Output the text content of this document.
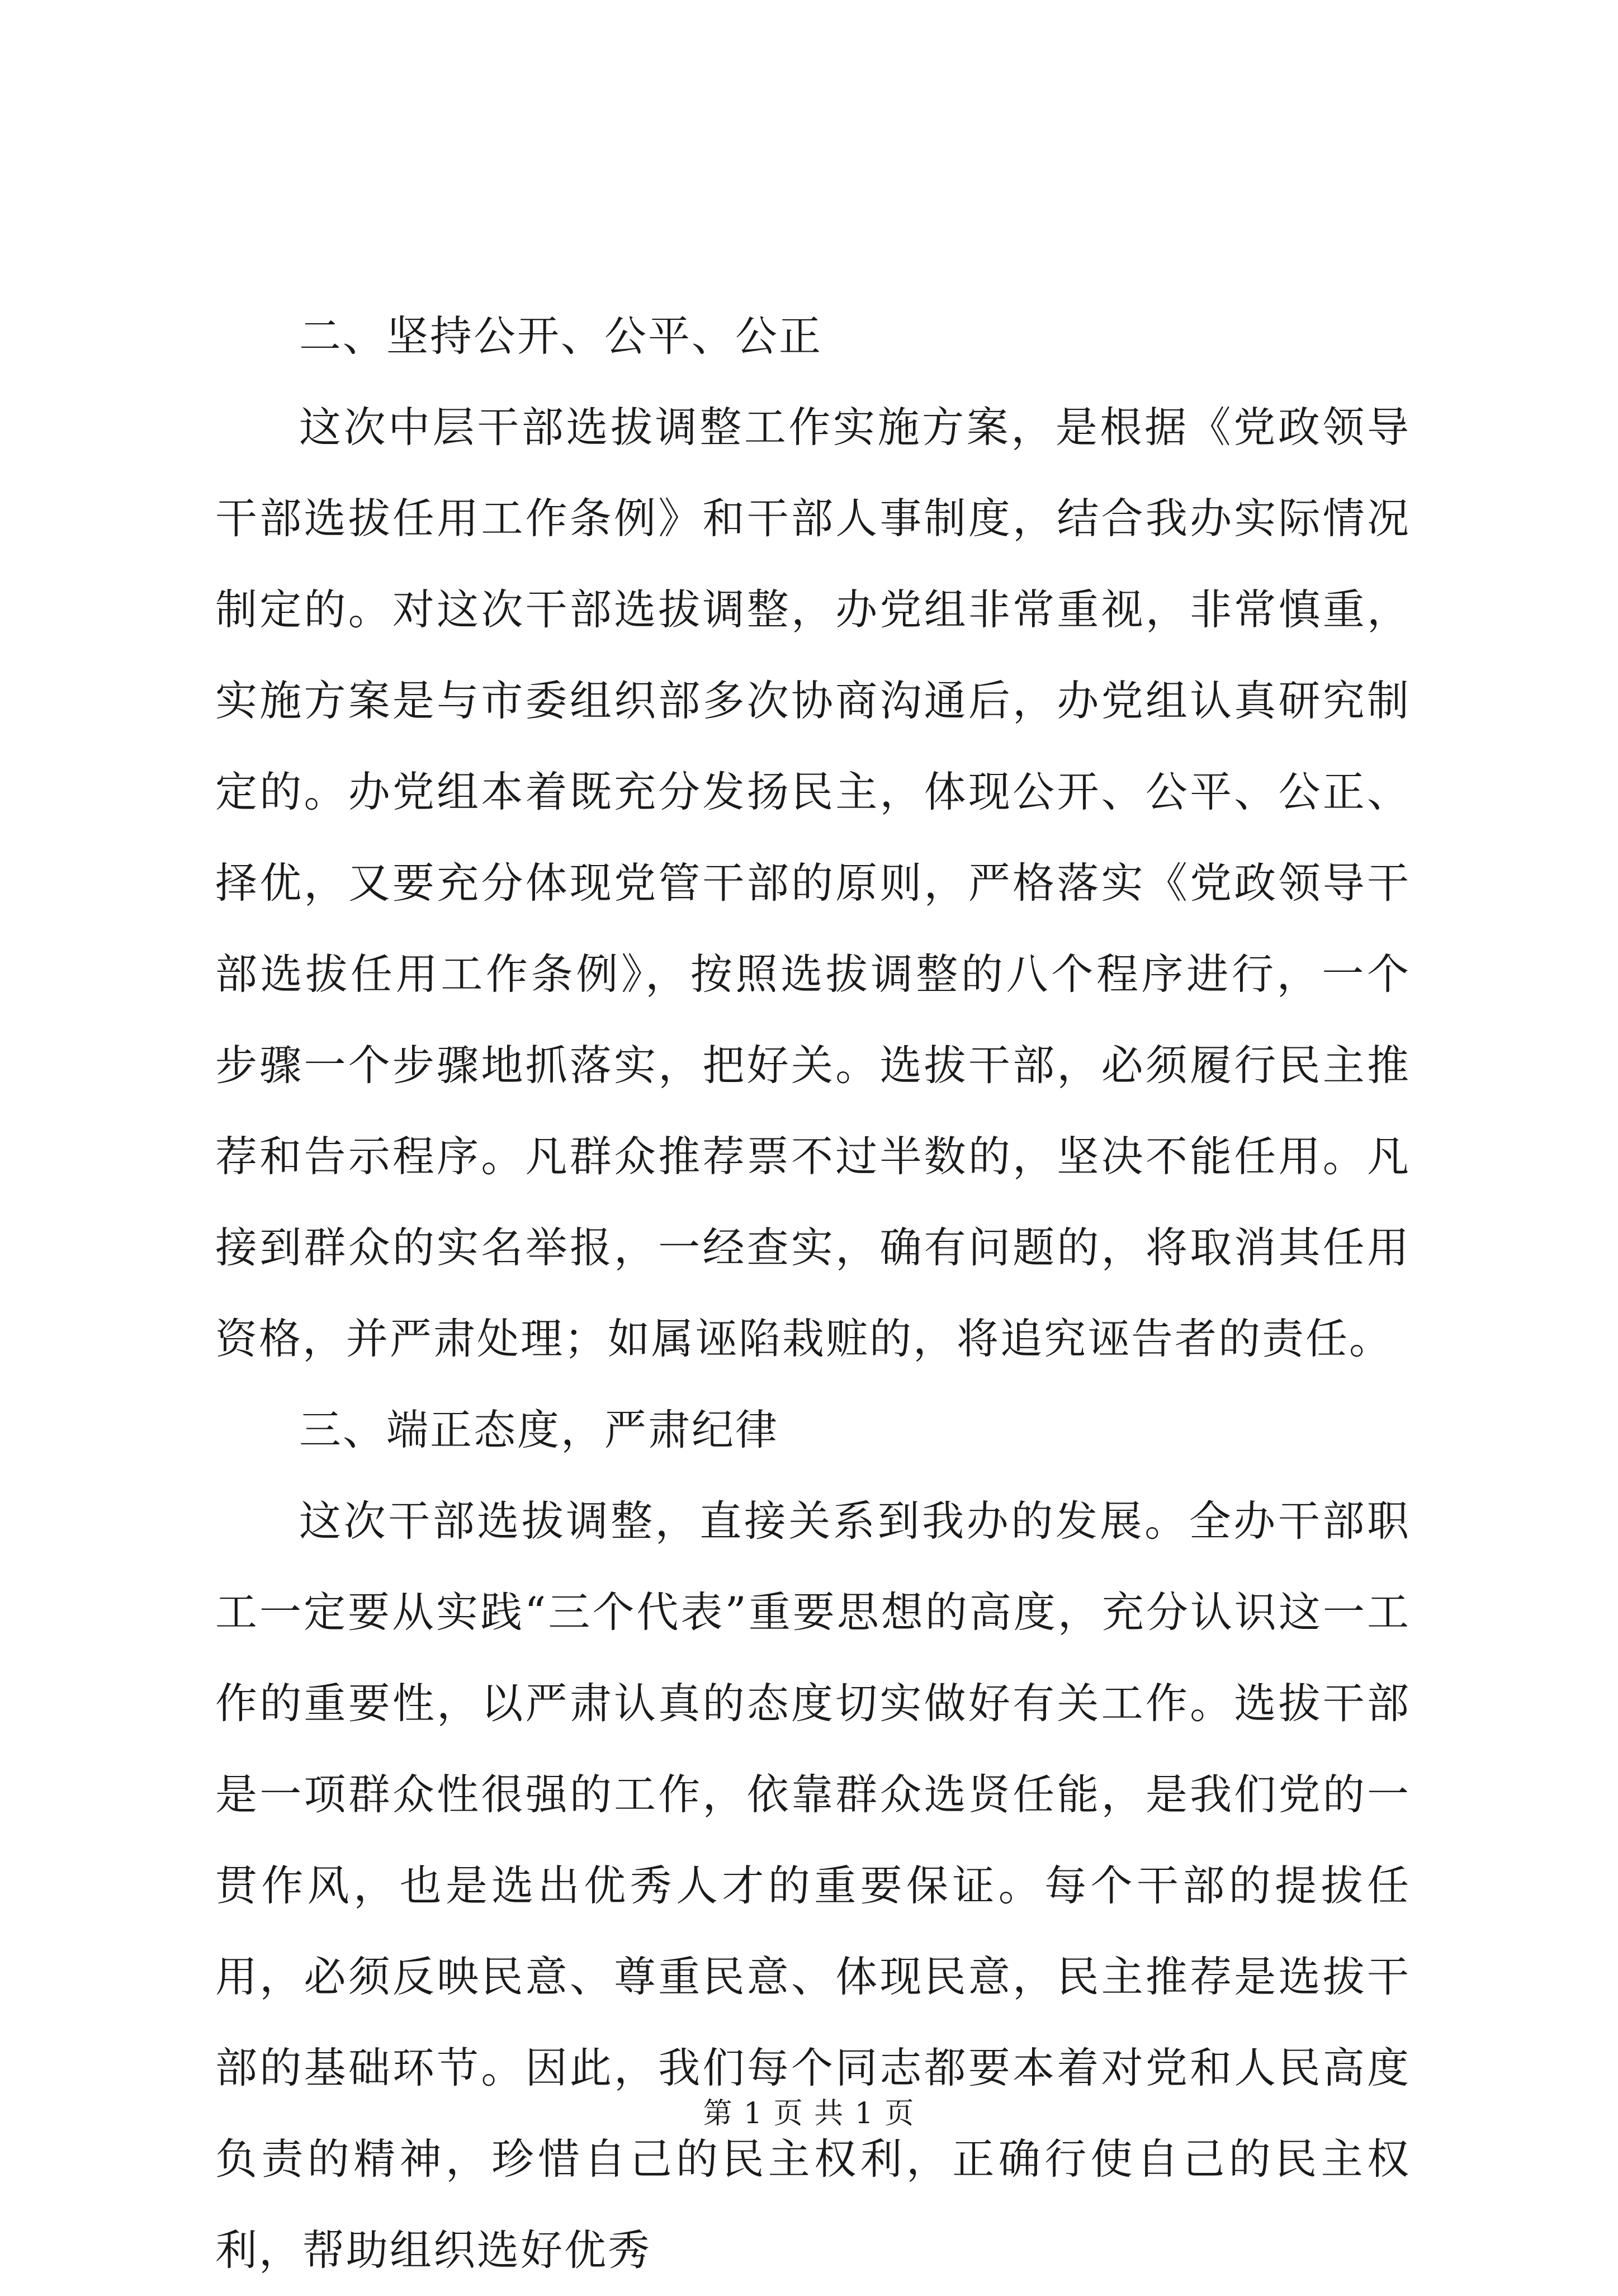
二、坚持公开、公平、公正

这次中层干部选拔调整工作实施方案，是根据《党政领导干部选拔任用工作条例》和干部人事制度，结合我办实际情况制定的。对这次干部选拔调整，办党组非常重视，非常慎重，实施方案是与市委组织部多次协商沟通后，办党组认真研究制定的。办党组本着既充分发扬民主，体现公开、公平、公正、择优，又要充分体现党管干部的原则，严格落实《党政领导干部选拔任用工作条例》，按照选拔调整的八个程序进行，一个步骤一个步骤地抓落实，把好关。选拔干部，必须履行民主推荐和告示程序。凡群众推荐票不过半数的，坚决不能任用。凡接到群众的实名举报，一经查实，确有问题的，将取消其任用资格，并严肃处理；如属诬陷栽赃的，将追究诬告者的责任。

三、端正态度，严肃纪律

这次干部选拔调整，直接关系到我办的发展。全办干部职工一定要从实践“三个代表”重要思想的高度，充分认识这一工作的重要性，以严肃认真的态度切实做好有关工作。选拔干部是一项群众性很强的工作，依靠群众选贤任能，是我们党的一贯作风，也是选出优秀人才的重要保证。每个干部的提拔任用，必须反映民意、尊重民意、体现民意，民主推荐是选拔干部的基础环节。因此，我们每个同志都要本着对党和人民高度负责的精神，珍惜自己的民主权利，正确行使自己的民主权利，帮助组织选好优秀

第 1 页 共 1 页
